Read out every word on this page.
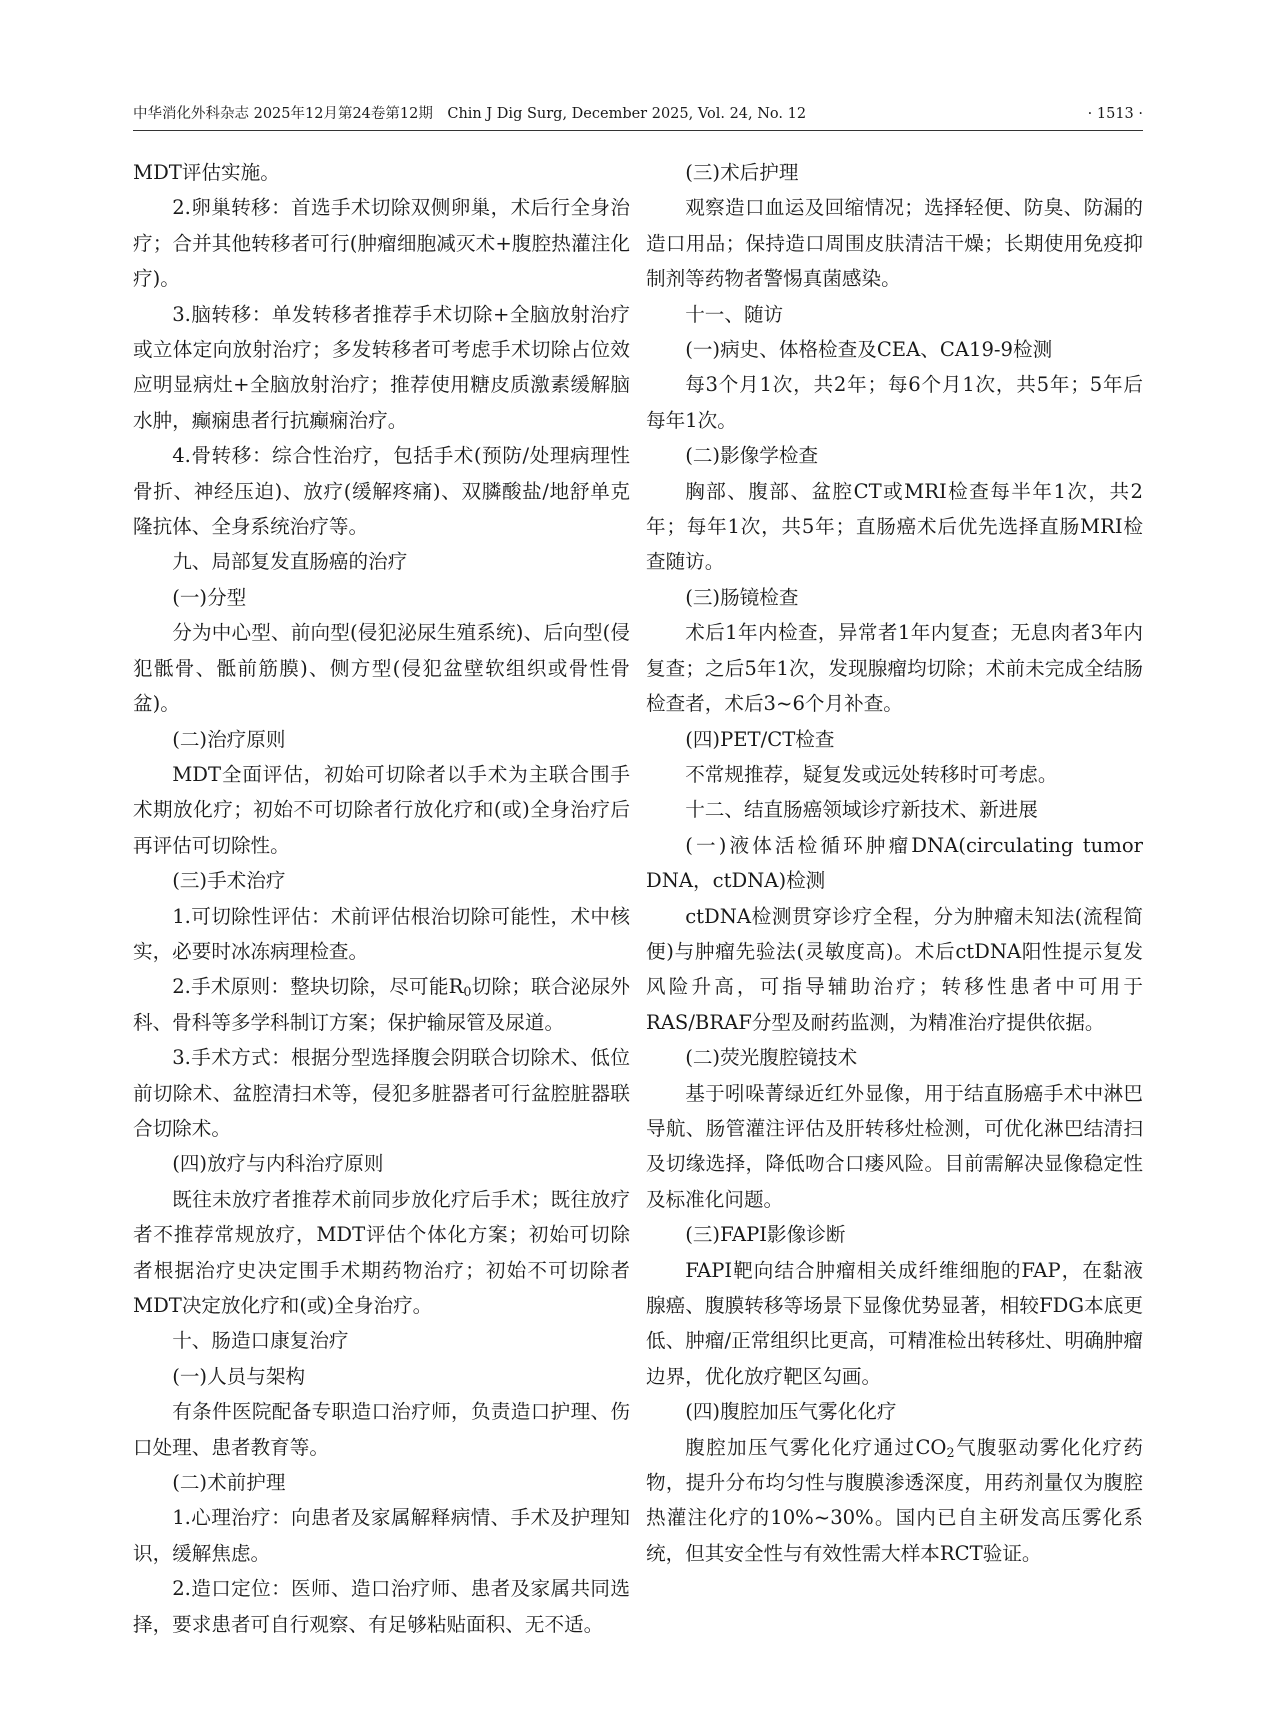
中华消化外科杂志 2025年12月第24卷第12期　Chin J Dig Surg, December 2025, Vol. 24, No. 12	· 1513 ·

MDT评估实施。

2.卵巢转移：首选手术切除双侧卵巢，术后行全身治疗；合并其他转移者可行(肿瘤细胞减灭术+腹腔热灌注化疗)。

3.脑转移：单发转移者推荐手术切除+全脑放射治疗或立体定向放射治疗；多发转移者可考虑手术切除占位效应明显病灶+全脑放射治疗；推荐使用糖皮质激素缓解脑水肿，癫痫患者行抗癫痫治疗。

4.骨转移：综合性治疗，包括手术(预防/处理病理性骨折、神经压迫)、放疗(缓解疼痛)、双膦酸盐/地舒单克隆抗体、全身系统治疗等。

九、局部复发直肠癌的治疗

(一)分型

分为中心型、前向型(侵犯泌尿生殖系统)、后向型(侵犯骶骨、骶前筋膜)、侧方型(侵犯盆壁软组织或骨性骨盆)。

(二)治疗原则

MDT全面评估，初始可切除者以手术为主联合围手术期放化疗；初始不可切除者行放化疗和(或)全身治疗后再评估可切除性。

(三)手术治疗

1.可切除性评估：术前评估根治切除可能性，术中核实，必要时冰冻病理检查。

2.手术原则：整块切除，尽可能$R_0$切除；联合泌尿外科、骨科等多学科制订方案；保护输尿管及尿道。

3.手术方式：根据分型选择腹会阴联合切除术、低位前切除术、盆腔清扫术等，侵犯多脏器者可行盆腔脏器联合切除术。

(四)放疗与内科治疗原则

既往未放疗者推荐术前同步放化疗后手术；既往放疗者不推荐常规放疗，MDT评估个体化方案；初始可切除者根据治疗史决定围手术期药物治疗；初始不可切除者MDT决定放化疗和(或)全身治疗。

十、肠造口康复治疗

(一)人员与架构

有条件医院配备专职造口治疗师，负责造口护理、伤口处理、患者教育等。

(二)术前护理

1.心理治疗：向患者及家属解释病情、手术及护理知识，缓解焦虑。

2.造口定位：医师、造口治疗师、患者及家属共同选择，要求患者可自行观察、有足够粘贴面积、无不适。

(三)术后护理

观察造口血运及回缩情况；选择轻便、防臭、防漏的造口用品；保持造口周围皮肤清洁干燥；长期使用免疫抑制剂等药物者警惕真菌感染。

十一、随访

(一)病史、体格检查及CEA、CA19-9检测

每3个月1次，共2年；每6个月1次，共5年；5年后每年1次。

(二)影像学检查

胸部、腹部、盆腔CT或MRI检查每半年1次，共2年；每年1次，共5年；直肠癌术后优先选择直肠MRI检查随访。

(三)肠镜检查

术后1年内检查，异常者1年内复查；无息肉者3年内复查；之后5年1次，发现腺瘤均切除；术前未完成全结肠检查者，术后3~6个月补查。

(四)PET/CT检查

不常规推荐，疑复发或远处转移时可考虑。

十二、结直肠癌领域诊疗新技术、新进展

(一)液体活检循环肿瘤DNA(circulating tumor DNA，ctDNA)检测

ctDNA检测贯穿诊疗全程，分为肿瘤未知法(流程简便)与肿瘤先验法(灵敏度高)。术后ctDNA阳性提示复发风险升高，可指导辅助治疗；转移性患者中可用于RAS/BRAF分型及耐药监测，为精准治疗提供依据。

(二)荧光腹腔镜技术

基于吲哚菁绿近红外显像，用于结直肠癌手术中淋巴导航、肠管灌注评估及肝转移灶检测，可优化淋巴结清扫及切缘选择，降低吻合口瘘风险。目前需解决显像稳定性及标准化问题。

(三)FAPI影像诊断

FAPI靶向结合肿瘤相关成纤维细胞的FAP，在黏液腺癌、腹膜转移等场景下显像优势显著，相较FDG本底更低、肿瘤/正常组织比更高，可精准检出转移灶、明确肿瘤边界，优化放疗靶区勾画。

(四)腹腔加压气雾化化疗

腹腔加压气雾化化疗通过$CO_2$气腹驱动雾化化疗药物，提升分布均匀性与腹膜渗透深度，用药剂量仅为腹腔热灌注化疗的10%~30%。国内已自主研发高压雾化系统，但其安全性与有效性需大样本RCT验证。
